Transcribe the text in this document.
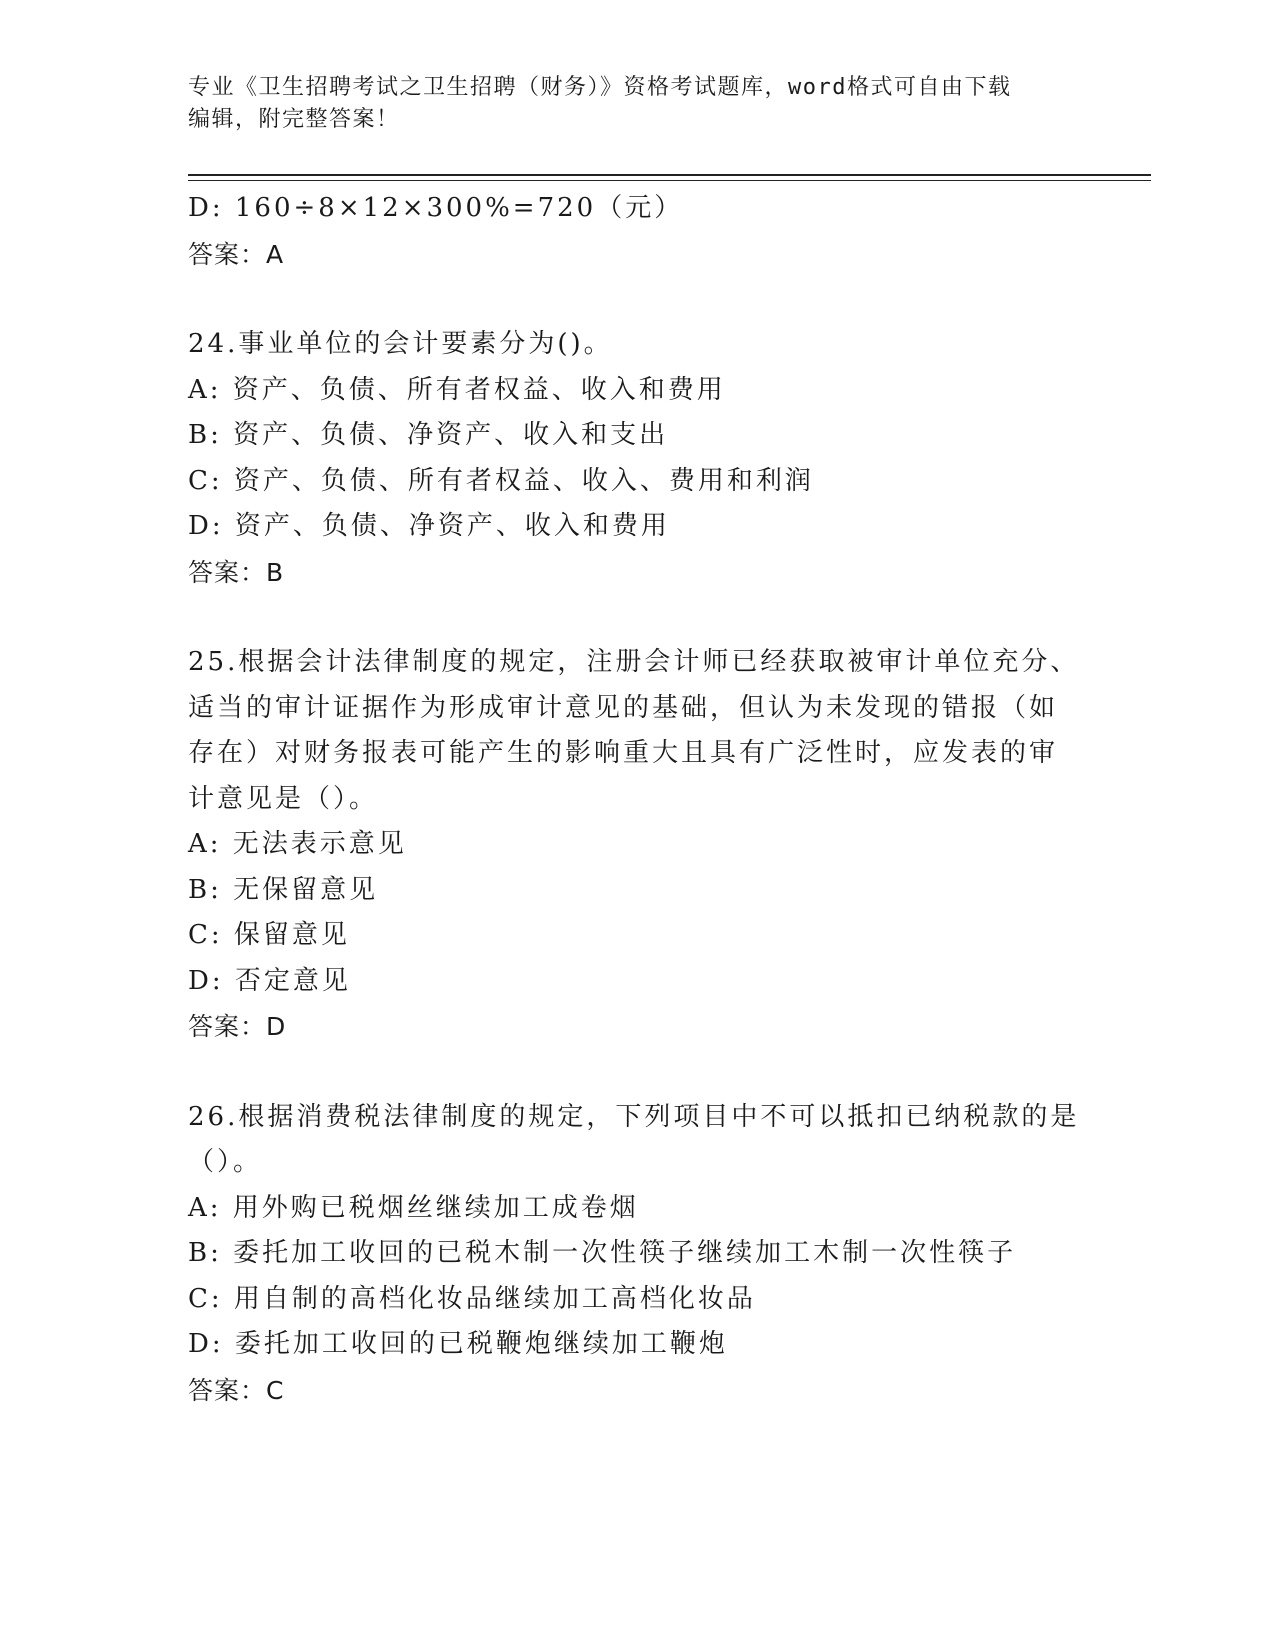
专业《卫生招聘考试之卫生招聘（财务）》资格考试题库，word格式可自由下载
编辑，附完整答案！

D: 160÷8×12×300%=720（元）

答案：A

24.事业单位的会计要素分为()。

A: 资产、负债、所有者权益、收入和费用

B: 资产、负债、净资产、收入和支出

C: 资产、负债、所有者权益、收入、费用和利润

D: 资产、负债、净资产、收入和费用

答案：B

25.根据会计法律制度的规定，注册会计师已经获取被审计单位充分、

适当的审计证据作为形成审计意见的基础，但认为未发现的错报（如

存在）对财务报表可能产生的影响重大且具有广泛性时，应发表的审

计意见是（）。

A: 无法表示意见

B: 无保留意见

C: 保留意见

D: 否定意见

答案：D

26.根据消费税法律制度的规定，下列项目中不可以抵扣已纳税款的是

（）。

A: 用外购已税烟丝继续加工成卷烟

B: 委托加工收回的已税木制一次性筷子继续加工木制一次性筷子

C: 用自制的高档化妆品继续加工高档化妆品

D: 委托加工收回的已税鞭炮继续加工鞭炮

答案：C
